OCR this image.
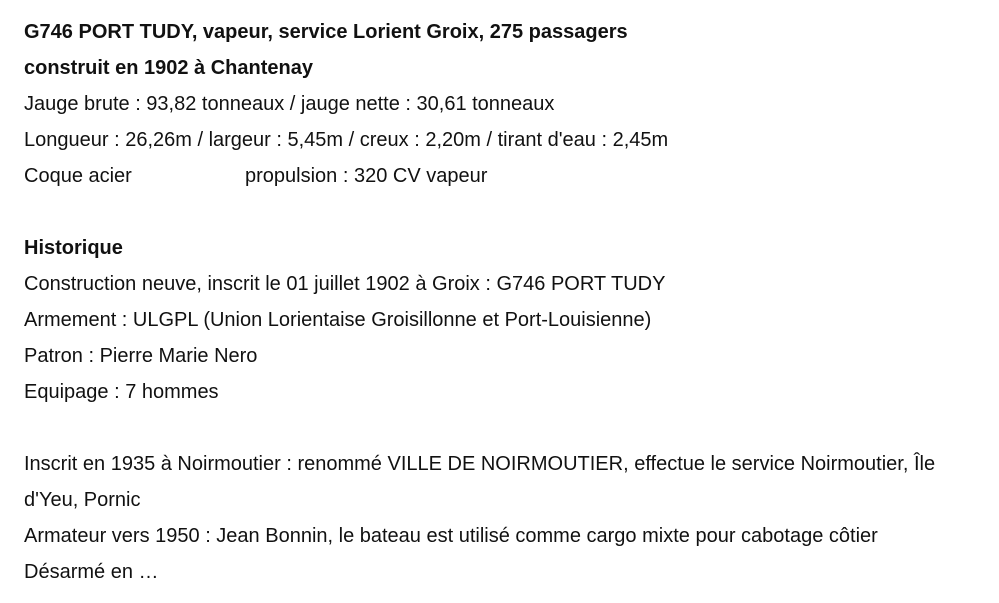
G746 PORT TUDY, vapeur, service Lorient Groix, 275 passagers
construit en 1902 à Chantenay
Jauge brute : 93,82 tonneaux / jauge nette : 30,61 tonneaux
Longueur : 26,26m / largeur : 5,45m / creux : 2,20m / tirant d'eau : 2,45m
Coque acier	propulsion : 320 CV vapeur
Historique
Construction neuve, inscrit le 01 juillet 1902 à Groix : G746 PORT TUDY
Armement : ULGPL (Union Lorientaise Groisillonne et Port-Louisienne)
Patron : Pierre Marie Nero
Equipage : 7 hommes
Inscrit en 1935 à Noirmoutier : renommé VILLE DE NOIRMOUTIER, effectue le service Noirmoutier, Île
d'Yeu, Pornic
Armateur vers 1950 : Jean Bonnin, le bateau est utilisé comme cargo mixte pour cabotage côtier
Désarmé en …
